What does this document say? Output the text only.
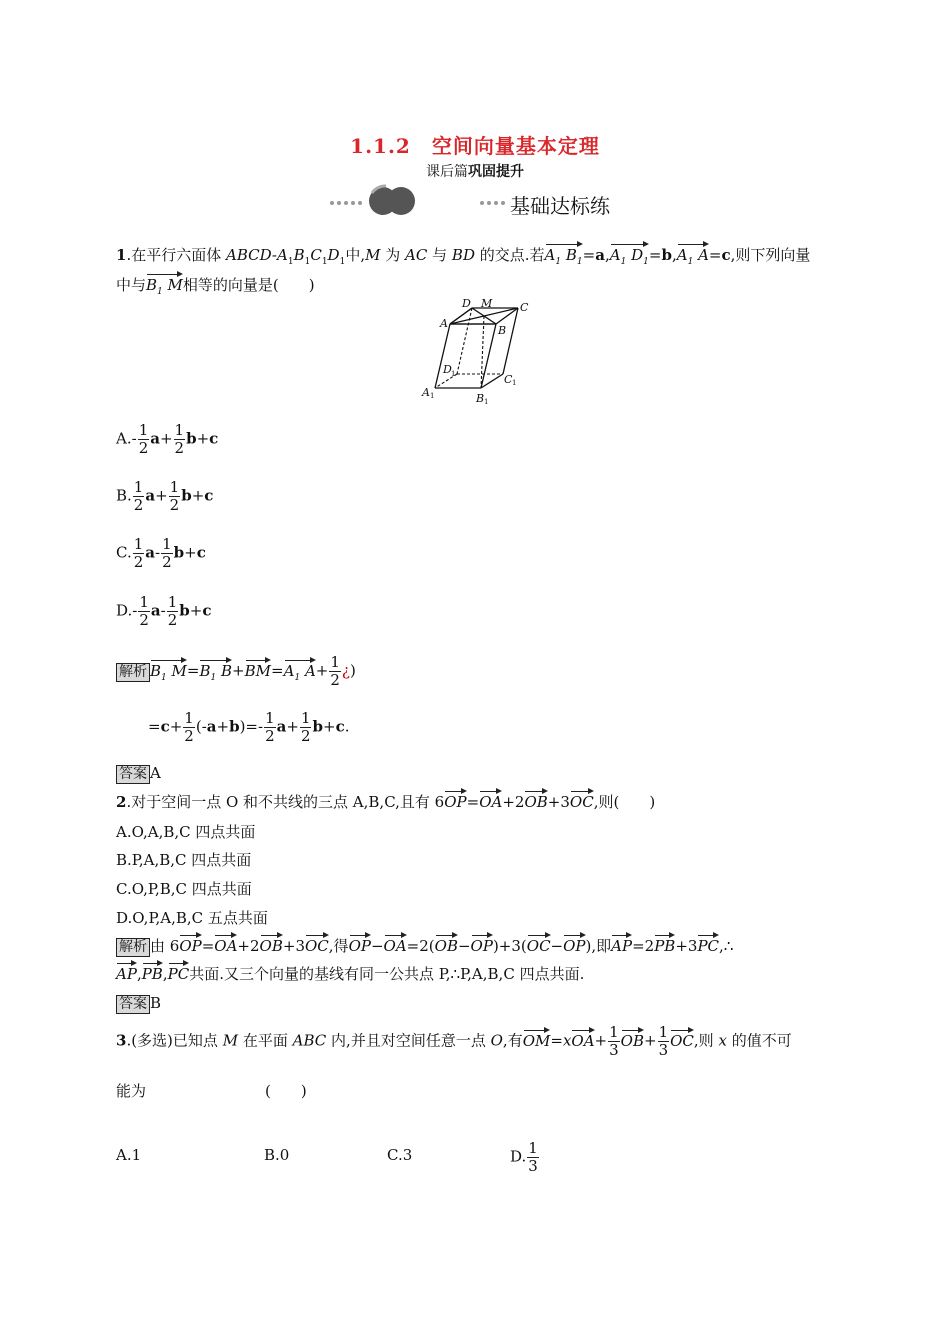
1.1.2　空间向量基本定理
课后篇巩固提升
基础达标练
1.在平行六面体 ABCD-$A_1B_1C_1D_1$中,M 为 AC 与 BD 的交点.若$A_1$ $B_1=a,A_1$ $D_1=b,A_1$ A=c,则下列向量
中与$B_1$ M相等的向量是(　　)
D M	C
A
B
D
C
A	B
1
1
1
1
$A.- \frac{1}{2} a+ \frac{1}{2} b+c$
B. $\frac{1}{2} a+ \frac{1}{2} b+c$
C. $\frac{1}{2} a- \frac{1}{2} b+c$
$D.- \frac{1}{2} a- \frac{1}{2} b+c$
解析 $B_1$ $M=B_1$ $B+BM=A_1$ $A+ \frac{1}{2}$ ¿)
$=c+ \frac{1}{2} (-a+b)=- \frac{1}{2} a+ \frac{1}{2} b+c$.
答案 A
2.对于空间一点 O 和不共线的三点 A,B,C,且有 6OP=OA+2OB+3OC,则(　　)
A.O,A,B,C 四点共面
B.P,A,B,C 四点共面
C.O,P,B,C 四点共面
D.O,P,A,B,C 五点共面
解析 由 6OP=OA+2OB+3OC,得OP−OA=2(OB−OP)+3(OC−OP),即AP=2PB+3PC,∴
AP,PB,PC共面.又三个向量的基线有同一公共点 P,∴P,A,B,C 四点共面.
答案 B
3.(多选)已知点 M 在平面 ABC 内,并且对空间任意一点 O,有$OM=xOA+ \frac{1}{3} OB+ \frac{1}{3}$ OC,则 x 的值不可
能为	(　　)
A.1	B.0	C.3	D. $\frac{1}{3}$
